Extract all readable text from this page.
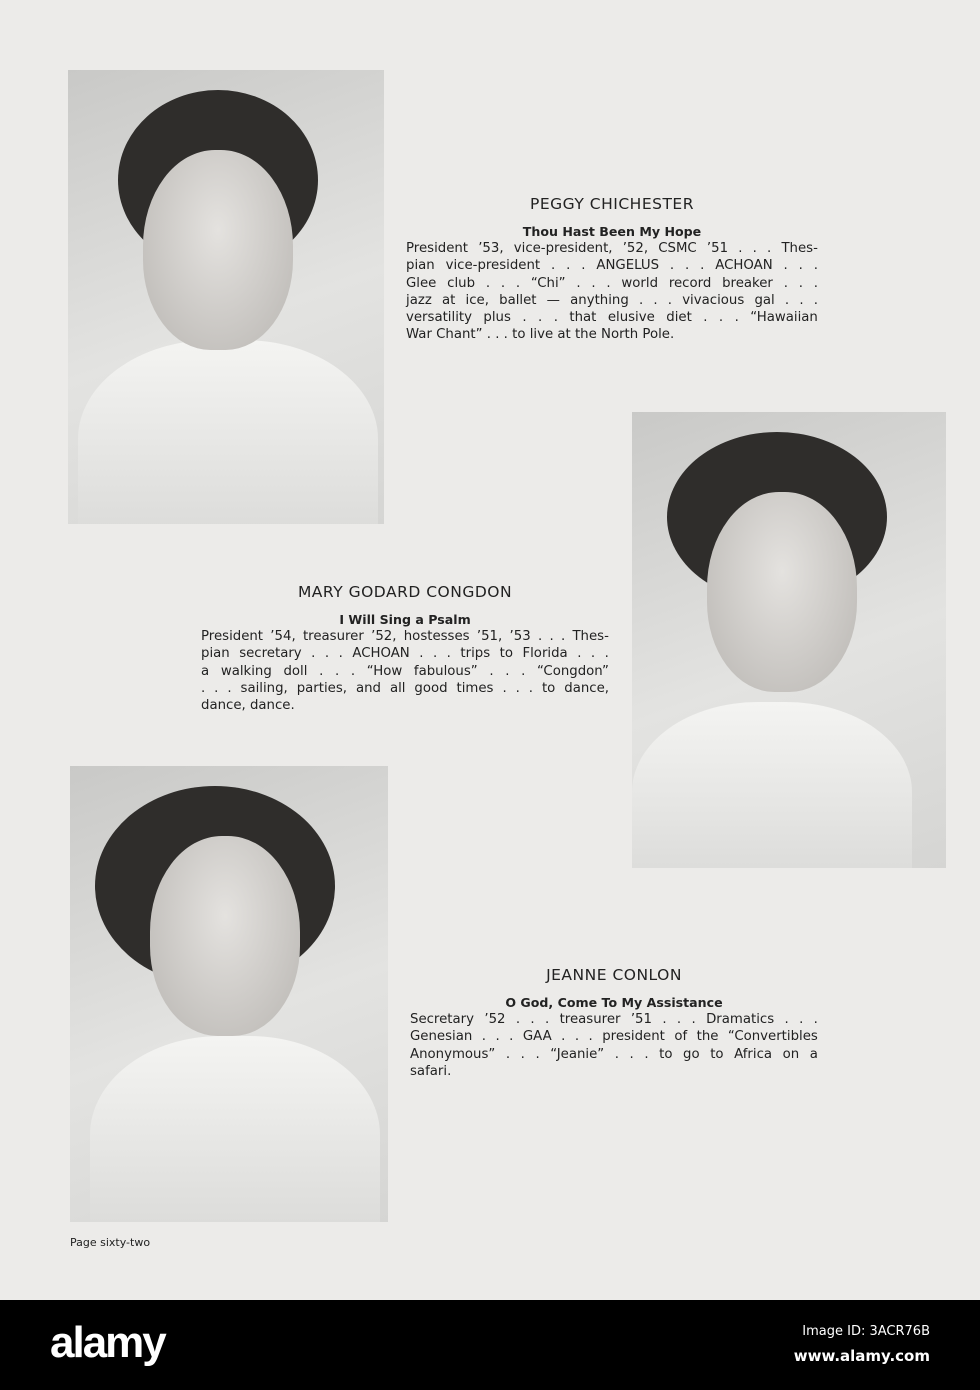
PEGGY CHICHESTER
Thou Hast Been My Hope
President ’53, vice-president, ’52, CSMC ’51 . . . Thes-
pian vice-president . . . ANGELUS . . . ACHOAN . . .
Glee club . . . “Chi” . . . world record breaker . . .
jazz at ice, ballet — anything . . . vivacious gal . . .
versatility plus . . . that elusive diet . . . “Hawaiian
War Chant” . . . to live at the North Pole.
MARY GODARD CONGDON
I Will Sing a Psalm
President ’54, treasurer ’52, hostesses ’51, ’53 . . . Thes-
pian secretary . . . ACHOAN . . . trips to Florida . . .
a walking doll . . . “How fabulous” . . . “Congdon”
. . . sailing, parties, and all good times . . . to dance,
dance, dance.
JEANNE CONLON
O God, Come To My Assistance
Secretary ’52 . . . treasurer ’51 . . . Dramatics . . .
Genesian . . . GAA . . . president of the “Convertibles
Anonymous” . . . “Jeanie” . . . to go to Africa on a
safari.
Page sixty-two
alamy	Image ID: 3ACR76B
www.alamy.com
